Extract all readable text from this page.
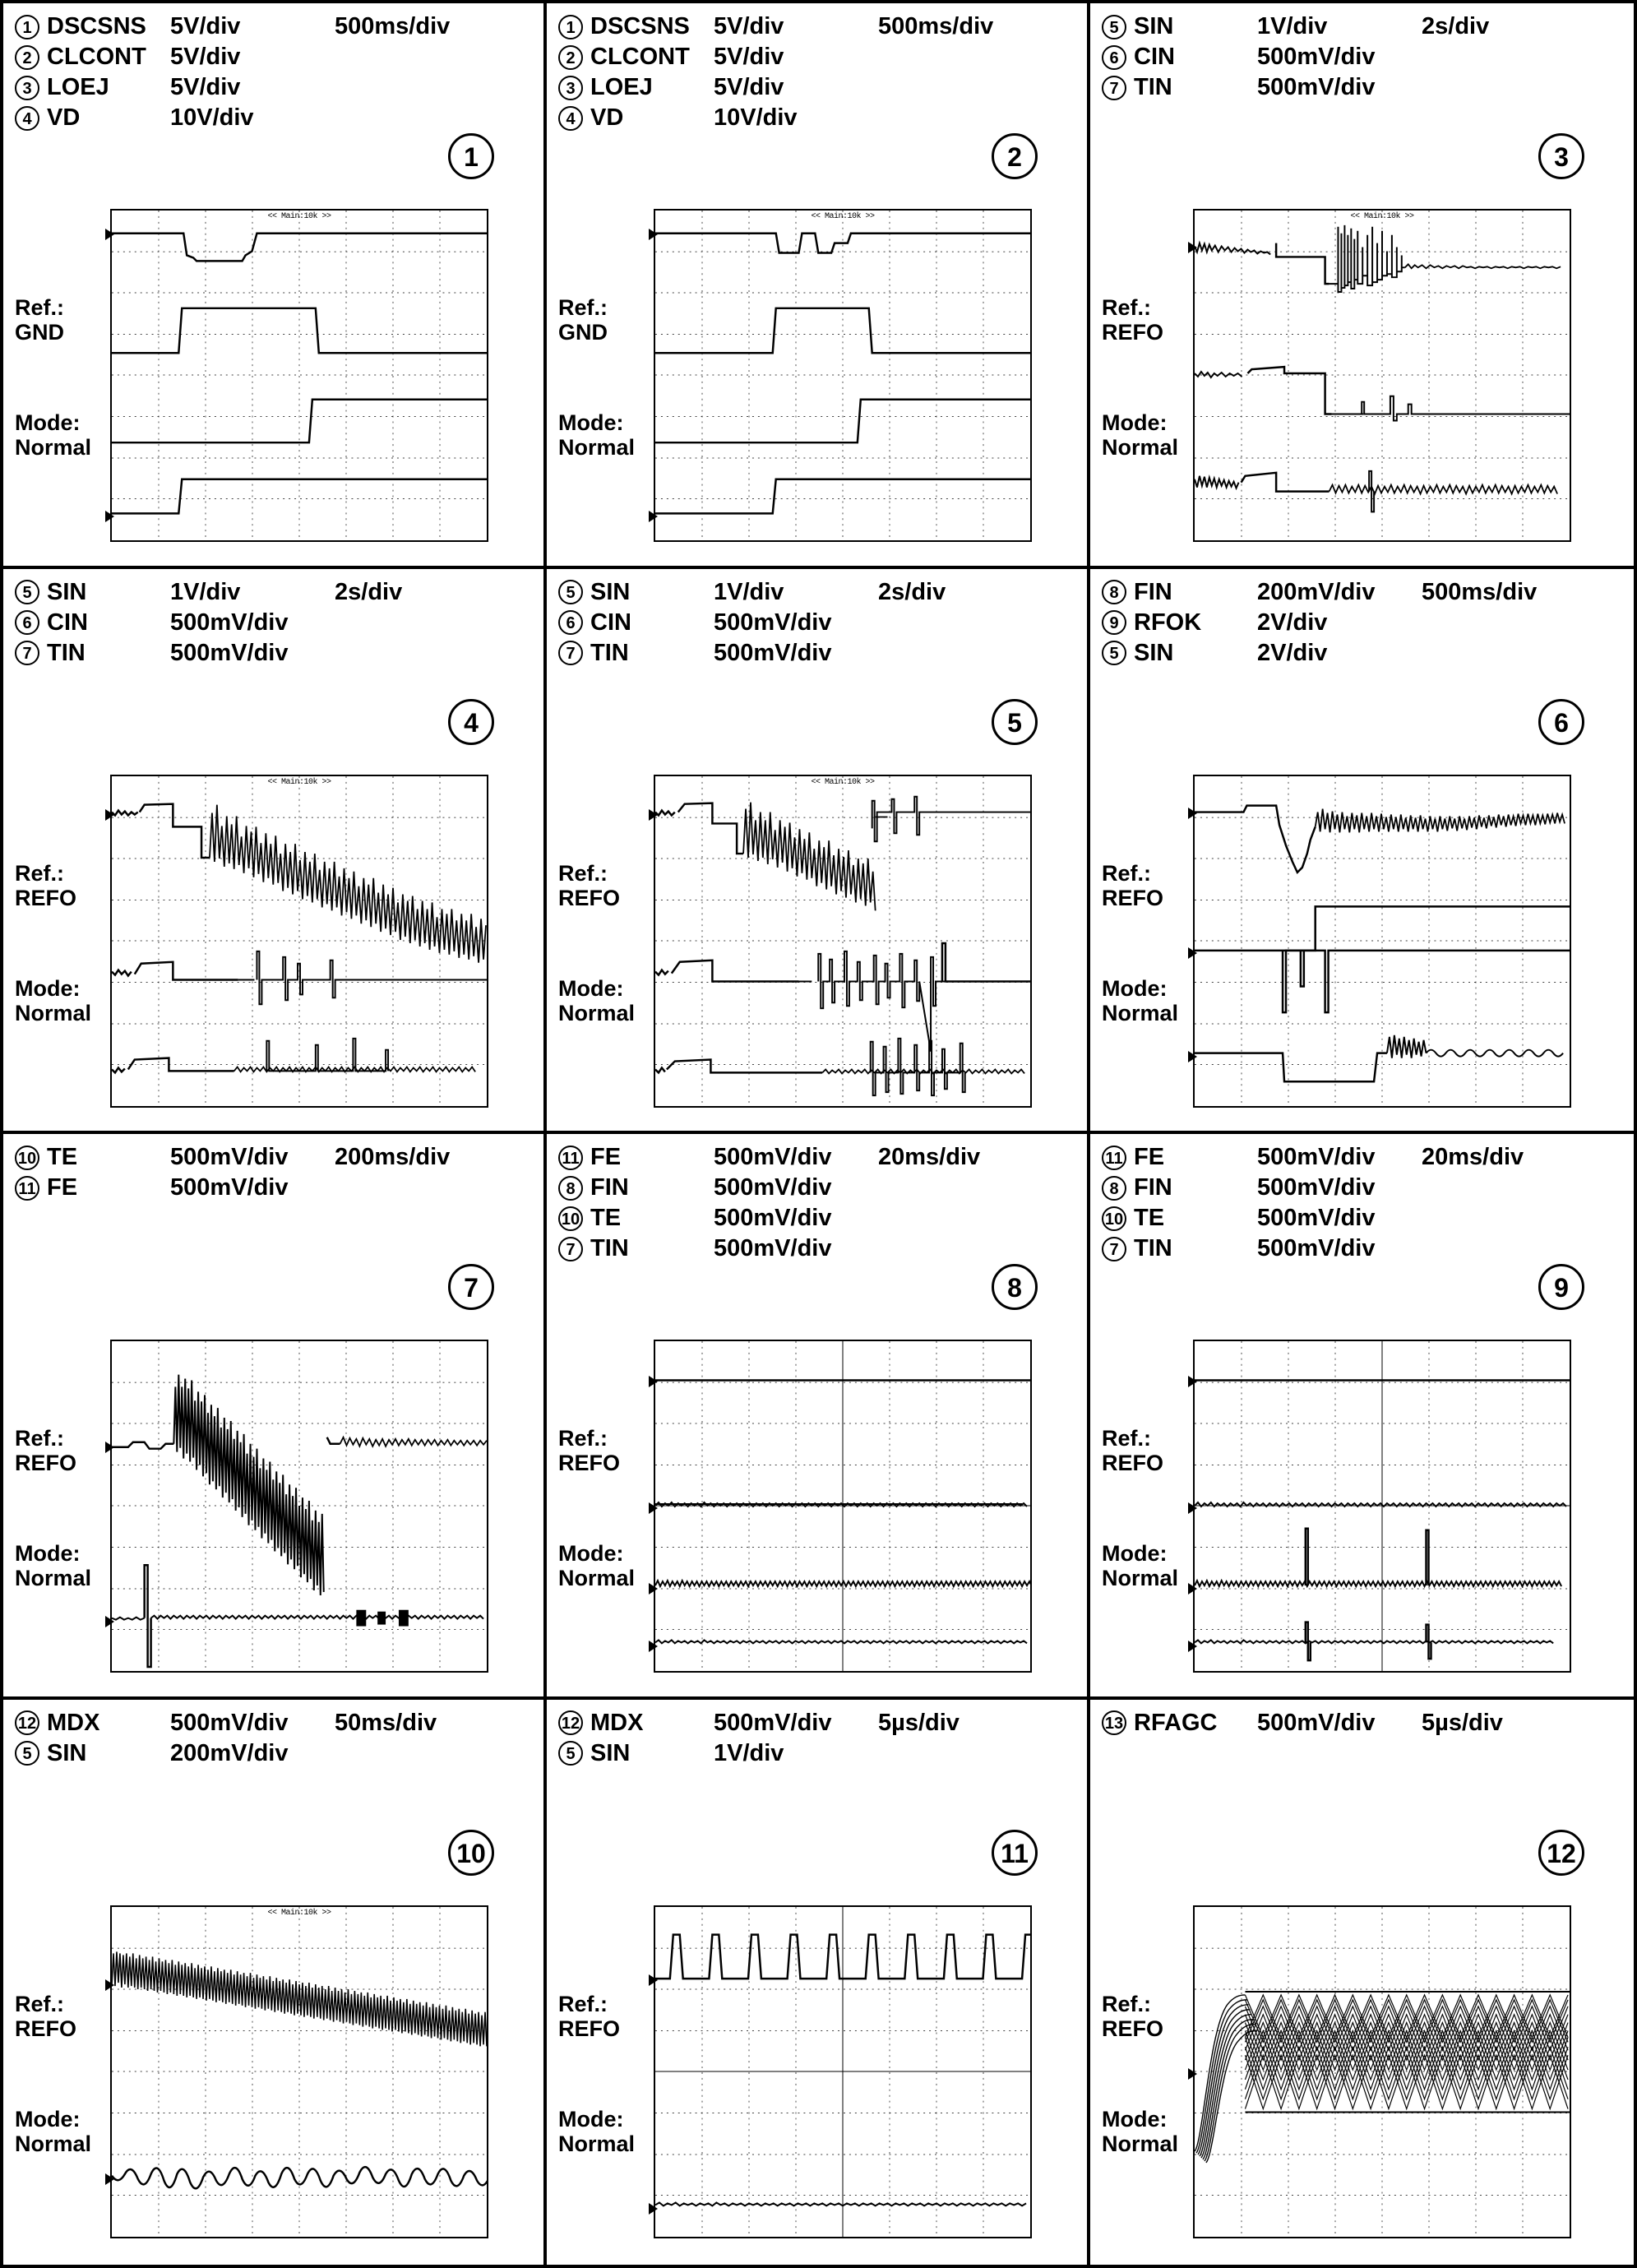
1 DSCSNS	5V/div	500ms/div
2 CLCONT	5V/div
3 LOEJ	5V/div
4 VD	10V/div
1
Ref.:
GND
Mode:
Normal
<< Main:10k >>
1 DSCSNS	5V/div	500ms/div
2 CLCONT	5V/div
3 LOEJ	5V/div
4 VD	10V/div
2
Ref.:
GND
Mode:
Normal
<< Main:10k >>
5 SIN	1V/div	2s/div
6 CIN	500mV/div
7 TIN	500mV/div
3
Ref.:
REFO
Mode:
Normal
<< Main:10k >>
5 SIN	1V/div	2s/div
6 CIN	500mV/div
7 TIN	500mV/div
4
Ref.:
REFO
Mode:
Normal
<< Main:10k >>
5 SIN	1V/div	2s/div
6 CIN	500mV/div
7 TIN	500mV/div
5
Ref.:
REFO
Mode:
Normal
<< Main:10k >>
8 FIN	200mV/div	500ms/div
9 RFOK	2V/div
5 SIN	2V/div
6
Ref.:
REFO
Mode:
Normal
10 TE	500mV/div	200ms/div
11 FE	500mV/div
7
Ref.:
REFO
Mode:
Normal
11 FE	500mV/div	20ms/div
8 FIN	500mV/div
10 TE	500mV/div
7 TIN	500mV/div
8
Ref.:
REFO
Mode:
Normal
11 FE	500mV/div	20ms/div
8 FIN	500mV/div
10 TE	500mV/div
7 TIN	500mV/div
9
Ref.:
REFO
Mode:
Normal
12 MDX	500mV/div	50ms/div
5 SIN	200mV/div
10
Ref.:
REFO
Mode:
Normal
<< Main:10k >>
12 MDX	500mV/div	5µs/div
5 SIN	1V/div
11
Ref.:
REFO
Mode:
Normal
13 RFAGC	500mV/div	5µs/div
12
Ref.:
REFO
Mode:
Normal
